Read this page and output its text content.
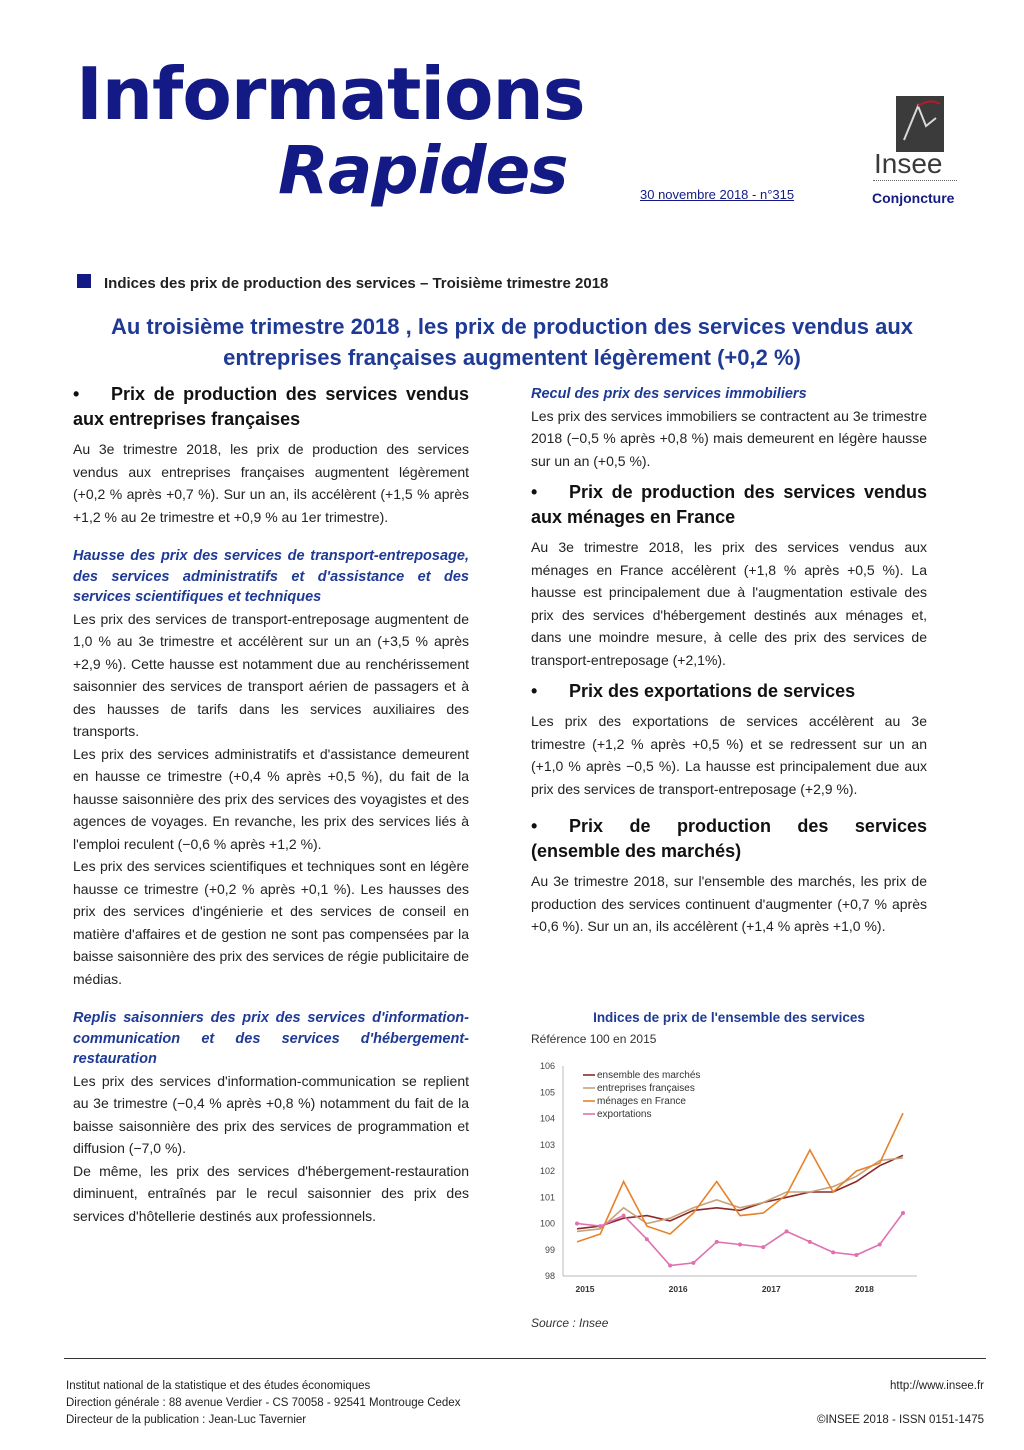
Informations
Rapides	30 novembre 2018 - n°315
Insee
Conjoncture
Indices des prix de production des services – Troisième trimestre 2018
Au troisième trimestre 2018 , les prix de production des services vendus aux entreprises françaises augmentent légèrement (+0,2 %)
• Prix de production des services vendus aux entreprises françaises
Au 3e trimestre 2018, les prix de production des services vendus aux entreprises françaises augmentent légèrement (+0,2 % après +0,7 %). Sur un an, ils accélèrent (+1,5 % après +1,2 % au 2e trimestre et +0,9 % au 1er trimestre).
Hausse des prix des services de transport-entreposage, des services administratifs et d'assistance et des services scientifiques et techniques
Les prix des services de transport-entreposage augmentent de 1,0 % au 3e trimestre et accélèrent sur un an (+3,5 % après +2,9 %). Cette hausse est notamment due au renchérissement saisonnier des services de transport aérien de passagers et à des hausses de tarifs dans les services auxiliaires des transports.
Les prix des services administratifs et d'assistance demeurent en hausse ce trimestre (+0,4 % après +0,5 %), du fait de la hausse saisonnière des prix des services des voyagistes et des agences de voyages. En revanche, les prix des services liés à l'emploi reculent (−0,6 % après +1,2 %).
Les prix des services scientifiques et techniques sont en légère hausse ce trimestre (+0,2 % après +0,1 %). Les hausses des prix des services d'ingénierie et des services de conseil en matière d'affaires et de gestion ne sont pas compensées par la baisse saisonnière des prix des services de régie publicitaire de médias.
Replis saisonniers des prix des services d'information-communication et des services d'hébergement-restauration
Les prix des services d'information-communication se replient au 3e trimestre (−0,4 % après +0,8 %) notamment du fait de la baisse saisonnière des prix des services de programmation et diffusion (−7,0 %).
De même, les prix des services d'hébergement-restauration diminuent, entraînés par le recul saisonnier des prix des services d'hôtellerie destinés aux professionnels.
Recul des prix des services immobiliers
Les prix des services immobiliers se contractent au 3e trimestre 2018 (−0,5 % après +0,8 %) mais demeurent en légère hausse sur un an (+0,5 %).
• Prix de production des services vendus aux ménages en France
Au 3e trimestre 2018, les prix des services vendus aux ménages en France accélèrent (+1,8 % après +0,5 %). La hausse est principalement due à l'augmentation estivale des prix des services d'hébergement destinés aux ménages et, dans une moindre mesure, à celle des prix des services de transport-entreposage (+2,1%).
• Prix des exportations de services
Les prix des exportations de services accélèrent au 3e trimestre (+1,2 % après +0,5 %) et se redressent sur un an (+1,0 % après −0,5 %). La hausse est principalement due aux prix des services de transport-entreposage (+2,9 %).
• Prix de production des services (ensemble des marchés)
Au 3e trimestre 2018, sur l'ensemble des marchés, les prix de production des services continuent d'augmenter (+0,7 % après +0,6 %). Sur un an, ils accélèrent (+1,4 % après +1,0 %).
Indices de prix de l'ensemble des services
Référence 100 en 2015
98
99
100
101
102
103
104
105
106
2015	2016	2017	2018
ensemble des marchés
entreprises françaises
ménages en France
exportations
Source : Insee
Institut national de la statistique et des études économiques
Direction générale : 88 avenue Verdier - CS 70058 - 92541 Montrouge Cedex
Directeur de la publication : Jean-Luc Tavernier
http://www.insee.fr
©INSEE 2018 - ISSN 0151-1475
